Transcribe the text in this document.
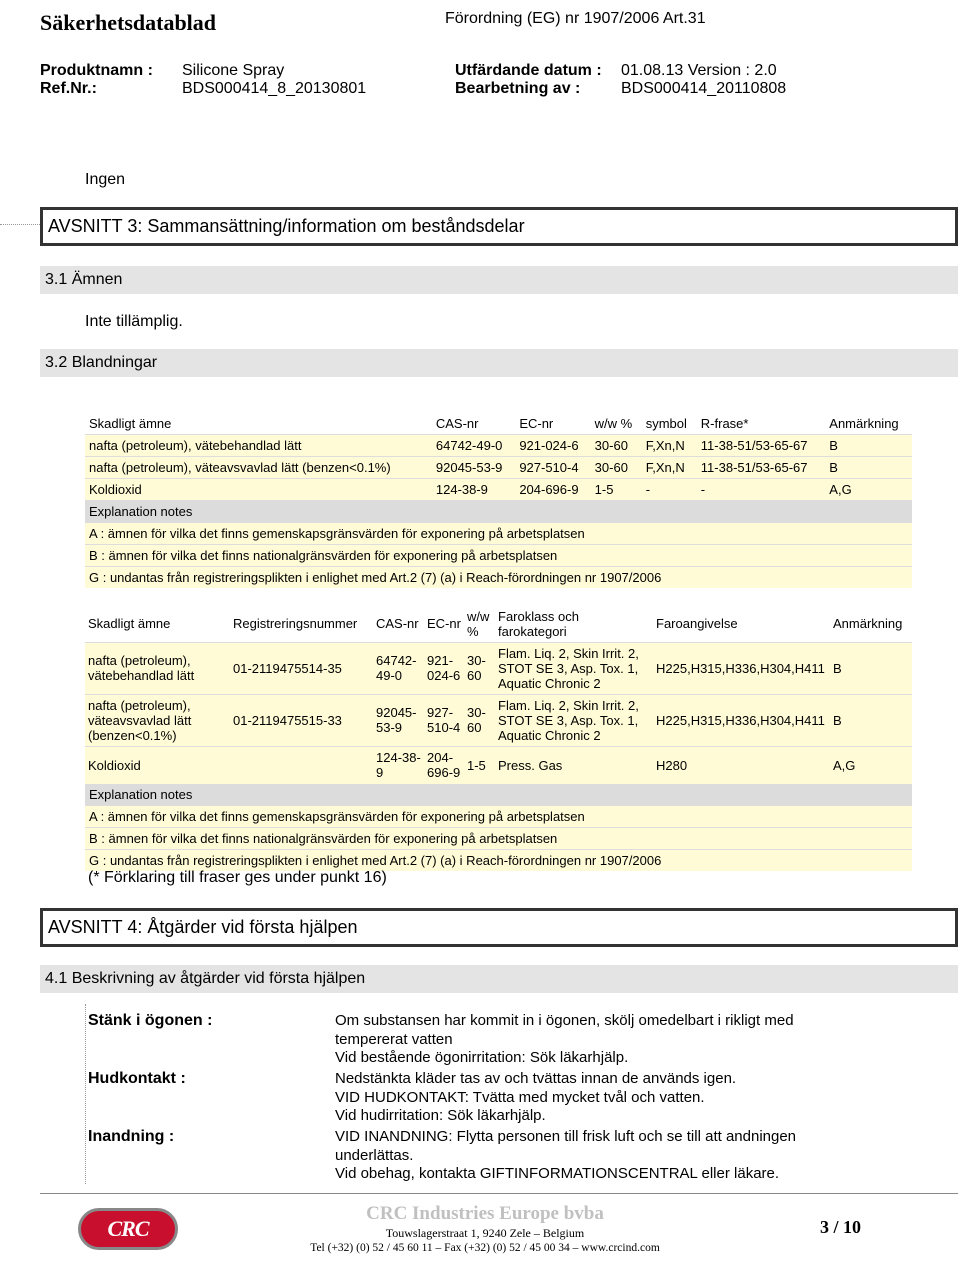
Säkerhetsdatablad	Förordning (EG) nr 1907/2006 Art.31
Produktnamn : Silicone Spray	Utfärdande datum : 01.08.13 Version : 2.0
Ref.Nr.:	BDS000414_8_20130801	Bearbetning av :	BDS000414_20110808
Ingen
AVSNITT 3: Sammansättning/information om beståndsdelar
3.1 Ämnen
Inte tillämplig.
3.2 Blandningar
Skadligt ämne	CAS-nr	EC-nr	w/w %	symbol	R-frase*	Anmärkning
nafta (petroleum), vätebehandlad lätt	64742-49-0	921-024-6	30-60	F,Xn,N	11-38-51/53-65-67	B
nafta (petroleum), väteavsvavlad lätt (benzen<0.1%)	92045-53-9	927-510-4	30-60	F,Xn,N	11-38-51/53-65-67	B
Koldioxid	124-38-9	204-696-9	1-5	-	-	A,G
Explanation notes						
A : ämnen för vilka det finns gemenskapsgränsvärden för exponering på arbetsplatsen						
B : ämnen för vilka det finns nationalgränsvärden för exponering på arbetsplatsen						
G : undantas från registreringsplikten i enlighet med Art.2 (7) (a) i Reach-förordningen nr 1907/2006						
Skadligt ämne	Registreringsnummer	CAS-nr	EC-nr	w/w %	Faroklass och farokategori	Faroangivelse	Anmärkning
nafta (petroleum), vätebehandlad lätt	01-2119475514-35	64742-49-0	921-024-6	30-60	Flam. Liq. 2, Skin Irrit. 2, STOT SE 3, Asp. Tox. 1, Aquatic Chronic 2	H225,H315,H336,H304,H411	B
nafta (petroleum), väteavsvavlad lätt (benzen<0.1%)	01-2119475515-33	92045-53-9	927-510-4	30-60	Flam. Liq. 2, Skin Irrit. 2, STOT SE 3, Asp. Tox. 1, Aquatic Chronic 2	H225,H315,H336,H304,H411	B
Koldioxid		124-38-9	204-696-9	1-5	Press. Gas	H280	A,G
Explanation notes							
A : ämnen för vilka det finns gemenskapsgränsvärden för exponering på arbetsplatsen							
B : ämnen för vilka det finns nationalgränsvärden för exponering på arbetsplatsen							
G : undantas från registreringsplikten i enlighet med Art.2 (7) (a) i Reach-förordningen nr 1907/2006							
(* Förklaring till fraser ges under punkt 16)
AVSNITT 4: Åtgärder vid första hjälpen
4.1 Beskrivning av åtgärder vid första hjälpen
Stänk i ögonen :	Om substansen har kommit in i ögonen, skölj omedelbart i rikligt med tempererat vatten
Vid bestående ögonirritation: Sök läkarhjälp.
Hudkontakt :	Nedstänkta kläder tas av och tvättas innan de används igen.
VID HUDKONTAKT: Tvätta med mycket tvål och vatten.
Vid hudirritation: Sök läkarhjälp.
Inandning :	VID INANDNING: Flytta personen till frisk luft och se till att andningen underlättas.
Vid obehag, kontakta GIFTINFORMATIONSCENTRAL eller läkare.
CRC
CRC Industries Europe bvba
Touwslagerstraat 1, 9240 Zele – Belgium
Tel (+32) (0) 52 / 45 60 11 – Fax (+32) (0) 52 / 45 00 34 – www.crcind.com
3 / 10
